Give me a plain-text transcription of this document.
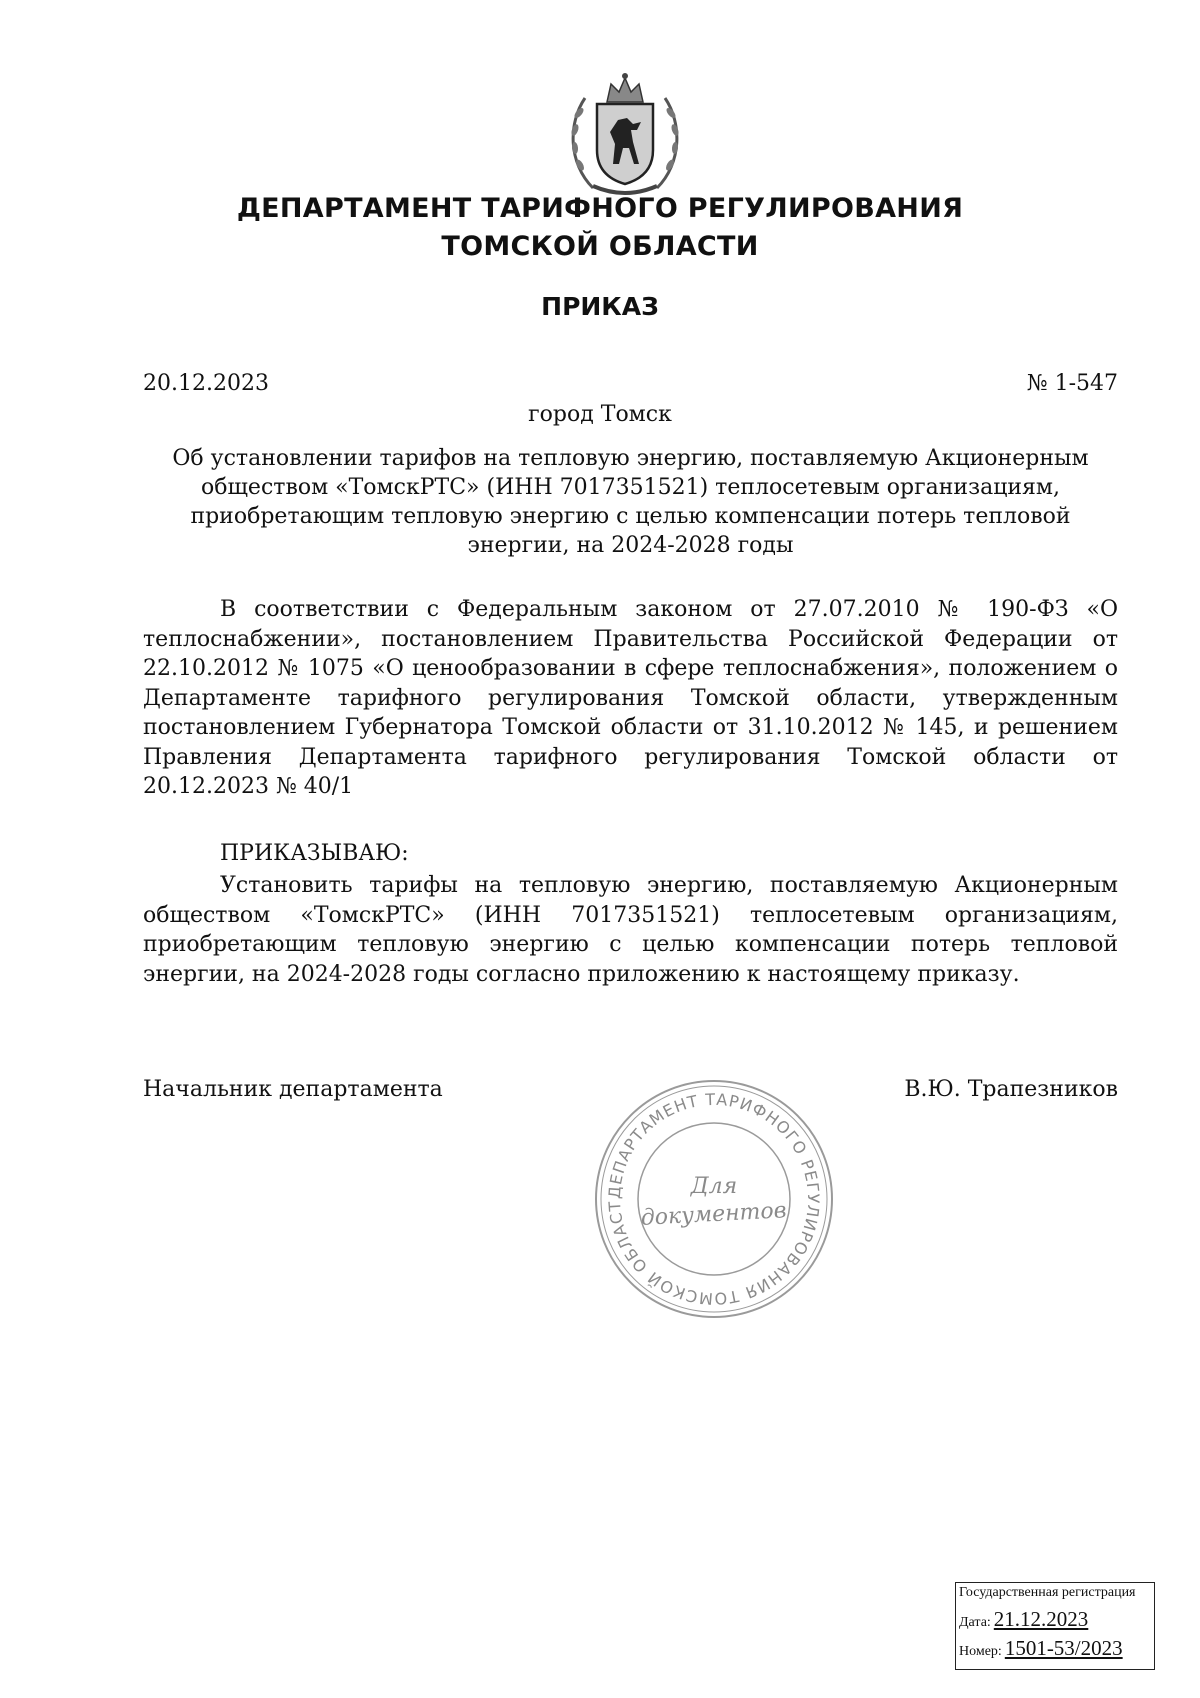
ДЕПАРТАМЕНТ ТАРИФНОГО РЕГУЛИРОВАНИЯ
ТОМСКОЙ ОБЛАСТИ
ПРИКАЗ
20.12.2023	№ 1-547
город Томск
Об установлении тарифов на тепловую энергию, поставляемую Акционерным обществом «ТомскРТС» (ИНН 7017351521) теплосетевым организациям, приобретающим тепловую энергию с целью компенсации потерь тепловой энергии, на 2024-2028 годы
В соответствии с Федеральным законом от 27.07.2010 № 190-ФЗ «О теплоснабжении», постановлением Правительства Российской Федерации от 22.10.2012 № 1075 «О ценообразовании в сфере теплоснабжения», положением о Департаменте тарифного регулирования Томской области, утвержденным постановлением Губернатора Томской области от 31.10.2012 № 145, и решением Правления Департамента тарифного регулирования Томской области от 20.12.2023 № 40/1
ПРИКАЗЫВАЮ:
Установить тарифы на тепловую энергию, поставляемую Акционерным обществом «ТомскРТС» (ИНН 7017351521) теплосетевым организациям, приобретающим тепловую энергию с целью компенсации потерь тепловой энергии, на 2024-2028 годы согласно приложению к настоящему приказу.
Начальник департамента	В.Ю. Трапезников
ДЕПАРТАМЕНТ ТАРИФНОГО РЕГУЛИРОВАНИЯ ТОМСКОЙ ОБЛАСТ
Для
документов
Государственная регистрация
Дата: 21.12.2023
Номер: 1501-53/2023
